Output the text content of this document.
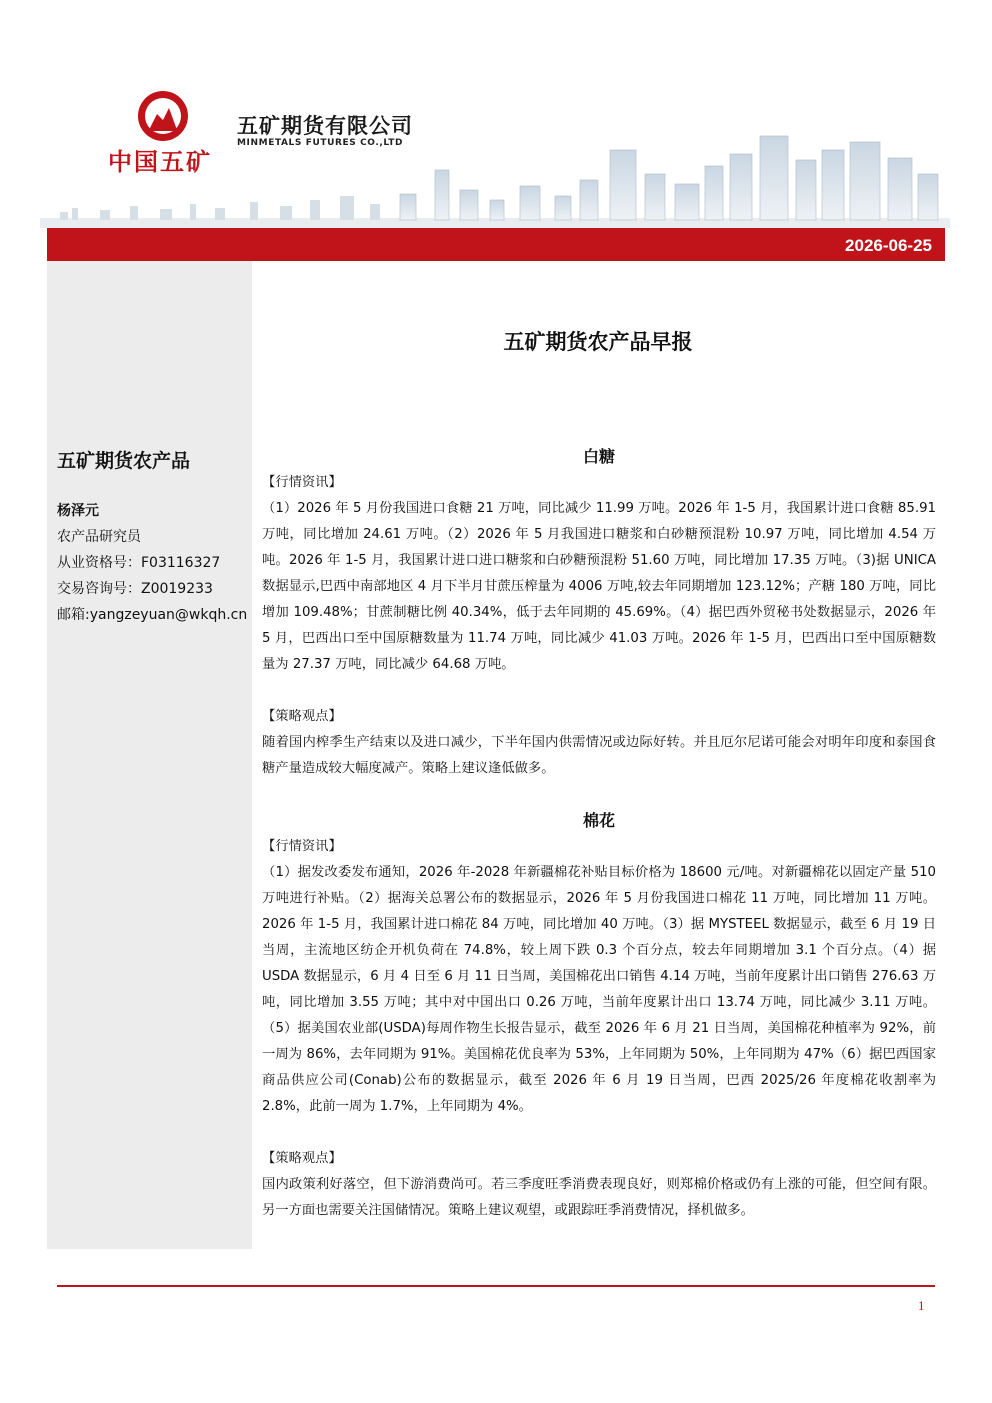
中国五矿
五矿期货有限公司
MINMETALS FUTURES CO.,LTD
2026-06-25
五矿期货农产品
杨泽元
农产品研究员
从业资格号：F03116327
交易咨询号：Z0019233
邮箱:yangzeyuan@wkqh.cn
五矿期货农产品早报
白糖
【行情资讯】
（1）2026 年 5 月份我国进口食糖 21 万吨，同比减少 11.99 万吨。2026 年 1-5 月，我国累计进口食糖 85.91 万吨，同比增加 24.61 万吨。（2）2026 年 5 月我国进口糖浆和白砂糖预混粉 10.97 万吨，同比增加 4.54 万吨。2026 年 1-5 月，我国累计进口进口糖浆和白砂糖预混粉 51.60 万吨，同比增加 17.35 万吨。（3)据 UNICA 数据显示,巴西中南部地区 4 月下半月甘蔗压榨量为 4006 万吨,较去年同期增加 123.12%；产糖 180 万吨，同比增加 109.48%；甘蔗制糖比例 40.34%，低于去年同期的 45.69%。（4）据巴西外贸秘书处数据显示，2026 年 5 月，巴西出口至中国原糖数量为 11.74 万吨，同比减少 41.03 万吨。2026 年 1-5 月，巴西出口至中国原糖数量为 27.37 万吨，同比减少 64.68 万吨。
【策略观点】
随着国内榨季生产结束以及进口减少，下半年国内供需情况或边际好转。并且厄尔尼诺可能会对明年印度和泰国食糖产量造成较大幅度减产。策略上建议逢低做多。
棉花
【行情资讯】
（1）据发改委发布通知，2026 年-2028 年新疆棉花补贴目标价格为 18600 元/吨。对新疆棉花以固定产量 510 万吨进行补贴。（2）据海关总署公布的数据显示，2026 年 5 月份我国进口棉花 11 万吨，同比增加 11 万吨。2026 年 1-5 月，我国累计进口棉花 84 万吨，同比增加 40 万吨。（3）据 MYSTEEL 数据显示，截至 6 月 19 日当周，主流地区纺企开机负荷在 74.8%，较上周下跌 0.3 个百分点，较去年同期增加 3.1 个百分点。（4）据 USDA 数据显示，6 月 4 日至 6 月 11 日当周，美国棉花出口销售 4.14 万吨，当前年度累计出口销售 276.63 万吨，同比增加 3.55 万吨；其中对中国出口 0.26 万吨，当前年度累计出口 13.74 万吨，同比减少 3.11 万吨。（5）据美国农业部(USDA)每周作物生长报告显示，截至 2026 年 6 月 21 日当周，美国棉花种植率为 92%，前一周为 86%，去年同期为 91%。美国棉花优良率为 53%，上年同期为 50%，上年同期为 47%（6）据巴西国家商品供应公司(Conab)公布的数据显示，截至 2026 年 6 月 19 日当周，巴西 2025/26 年度棉花收割率为 2.8%，此前一周为 1.7%，上年同期为 4%。
【策略观点】
国内政策利好落空，但下游消费尚可。若三季度旺季消费表现良好，则郑棉价格或仍有上涨的可能，但空间有限。另一方面也需要关注国储情况。策略上建议观望，或跟踪旺季消费情况，择机做多。
1
